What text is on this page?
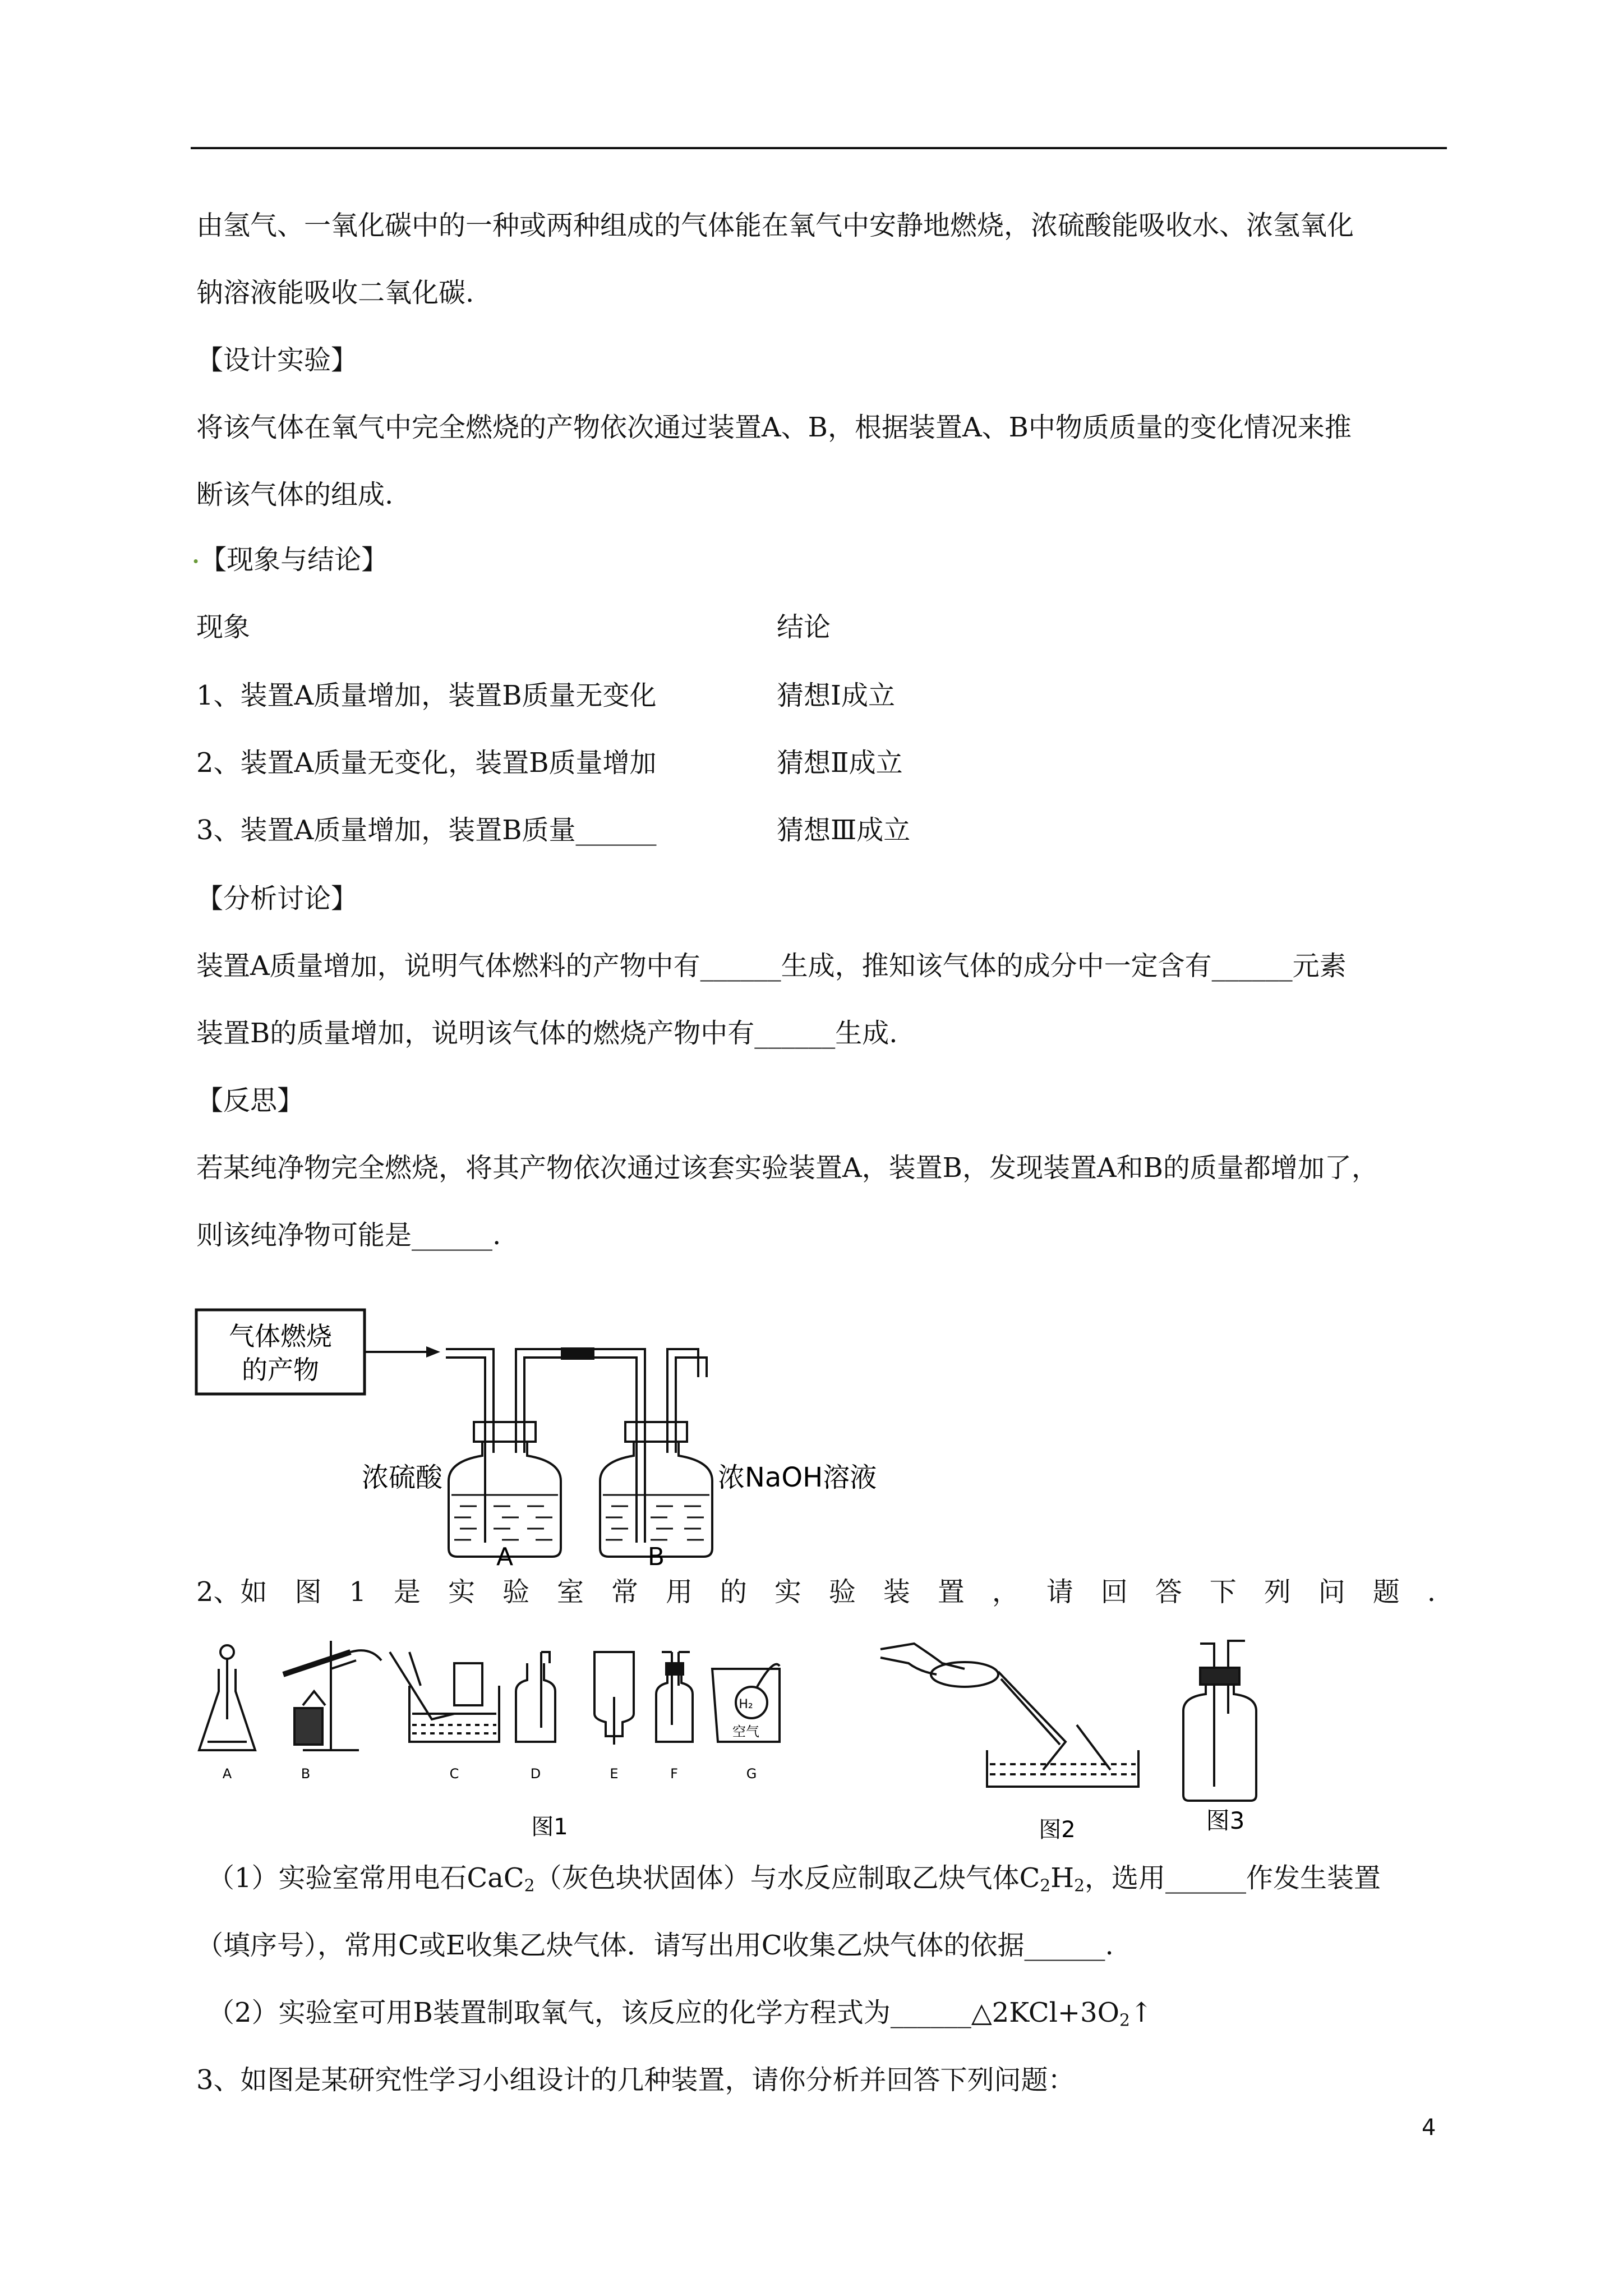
由氢气、一氧化碳中的一种或两种组成的气体能在氧气中安静地燃烧，浓硫酸能吸收水、浓氢氧化
钠溶液能吸收二氧化碳.
【设计实验】
将该气体在氧气中完全燃烧的产物依次通过装置A、B，根据装置A、B中物质质量的变化情况来推
断该气体的组成.
•【现象与结论】
现象	结论
1、装置A质量增加，装置B质量无变化	猜想Ⅰ成立
2、装置A质量无变化，装置B质量增加	猜想Ⅱ成立
3、装置A质量增加，装置B质量______	猜想Ⅲ成立
【分析讨论】
装置A质量增加，说明气体燃料的产物中有______生成，推知该气体的成分中一定含有______元素
装置B的质量增加，说明该气体的燃烧产物中有______生成.
【反思】
若某纯净物完全燃烧，将其产物依次通过该套实验装置A，装置B，发现装置A和B的质量都增加了，
则该纯净物可能是______.
气体燃烧
的产物
浓硫酸	浓NaOH溶液
A	B
2、如 图 1 是 实 验 室 常 用 的 实 验 装 置 ， 请 回 答 下 列 问 题 .
H₂
空气
A	B	C	D	E	F	G
图1	图2	图3
（1）实验室常用电石CaC$_2$（灰色块状固体）与水反应制取乙炔气体$C_2H_2$，选用______作发生装置
（填序号），常用C或E收集乙炔气体．请写出用C收集乙炔气体的依据______.
（2）实验室可用B装置制取氧气，该反应的化学方程式为$\_\_\_\_\_\_\triangle 2KCl+3O_2↑$
3、如图是某研究性学习小组设计的几种装置，请你分析并回答下列问题：
4
